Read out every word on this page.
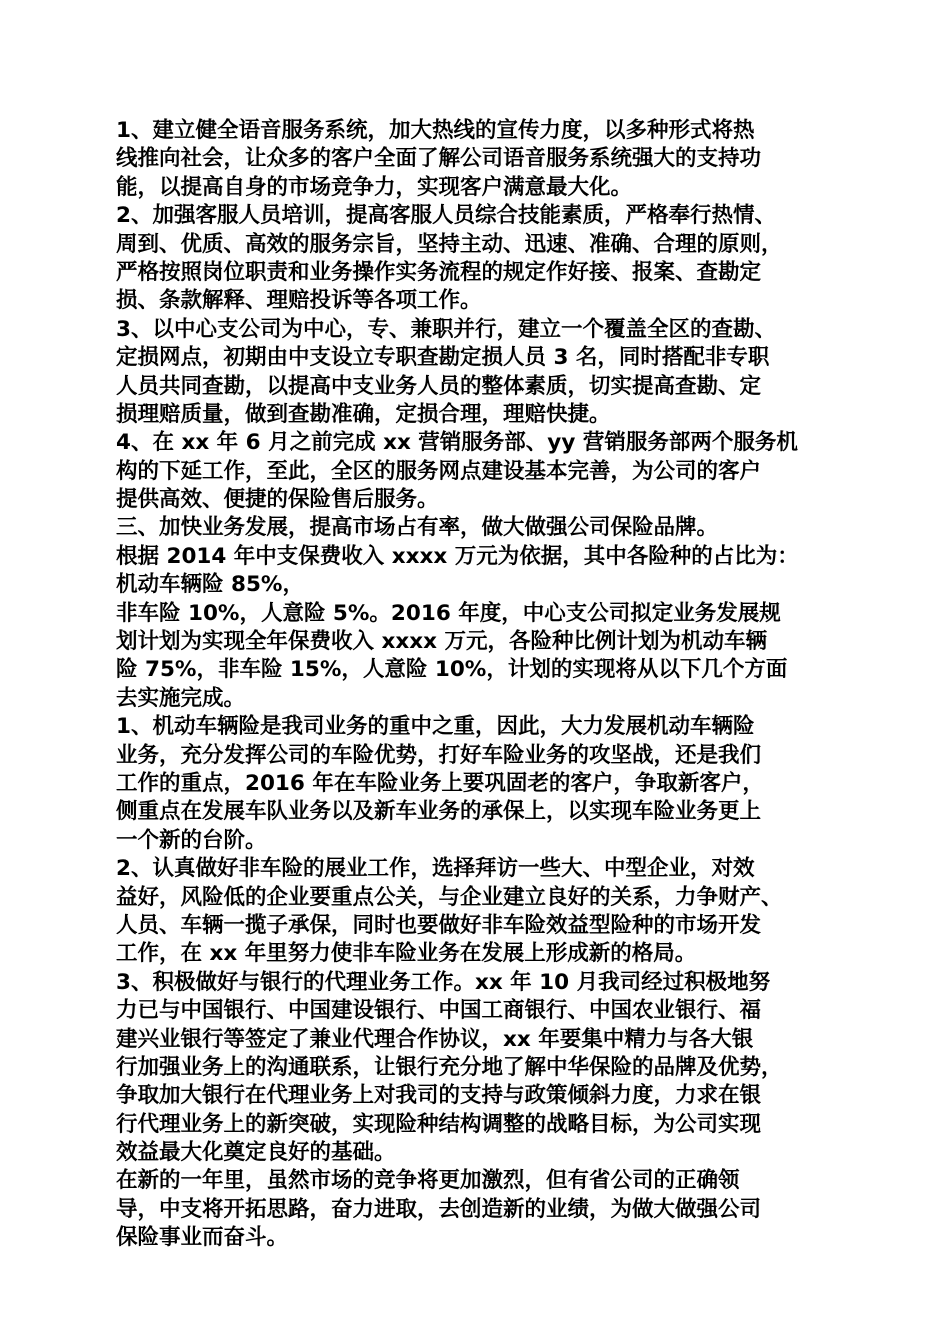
1、建立健全语音服务系统，加大热线的宣传力度，以多种形式将热
线推向社会，让众多的客户全面了解公司语音服务系统强大的支持功
能，以提高自身的市场竞争力，实现客户满意最大化。
2、加强客服人员培训，提高客服人员综合技能素质，严格奉行热情、
周到、优质、高效的服务宗旨，坚持主动、迅速、准确、合理的原则，
严格按照岗位职责和业务操作实务流程的规定作好接、报案、查勘定
损、条款解释、理赔投诉等各项工作。
3、以中心支公司为中心，专、兼职并行，建立一个覆盖全区的查勘、
定损网点，初期由中支设立专职查勘定损人员 3 名，同时搭配非专职
人员共同查勘，以提高中支业务人员的整体素质，切实提高查勘、定
损理赔质量，做到查勘准确，定损合理，理赔快捷。
4、在 xx 年 6 月之前完成 xx 营销服务部、yy 营销服务部两个服务机
构的下延工作，至此，全区的服务网点建设基本完善，为公司的客户
提供高效、便捷的保险售后服务。
三、加快业务发展，提高市场占有率，做大做强公司保险品牌。
根据 2014 年中支保费收入 xxxx 万元为依据，其中各险种的占比为：
机动车辆险 85%，
非车险 10%，人意险 5%。2016 年度，中心支公司拟定业务发展规
划计划为实现全年保费收入 xxxx 万元，各险种比例计划为机动车辆
险 75%，非车险 15%，人意险 10%，计划的实现将从以下几个方面
去实施完成。
1、机动车辆险是我司业务的重中之重，因此，大力发展机动车辆险
业务，充分发挥公司的车险优势，打好车险业务的攻坚战，还是我们
工作的重点，2016 年在车险业务上要巩固老的客户，争取新客户，
侧重点在发展车队业务以及新车业务的承保上，以实现车险业务更上
一个新的台阶。
2、认真做好非车险的展业工作，选择拜访一些大、中型企业，对效
益好，风险低的企业要重点公关，与企业建立良好的关系，力争财产、
人员、车辆一揽子承保，同时也要做好非车险效益型险种的市场开发
工作，在 xx 年里努力使非车险业务在发展上形成新的格局。
3、积极做好与银行的代理业务工作。xx 年 10 月我司经过积极地努
力已与中国银行、中国建设银行、中国工商银行、中国农业银行、福
建兴业银行等签定了兼业代理合作协议，xx 年要集中精力与各大银
行加强业务上的沟通联系，让银行充分地了解中华保险的品牌及优势，
争取加大银行在代理业务上对我司的支持与政策倾斜力度，力求在银
行代理业务上的新突破，实现险种结构调整的战略目标，为公司实现
效益最大化奠定良好的基础。
在新的一年里，虽然市场的竞争将更加激烈，但有省公司的正确领
导，中支将开拓思路，奋力进取，去创造新的业绩，为做大做强公司
保险事业而奋斗。
